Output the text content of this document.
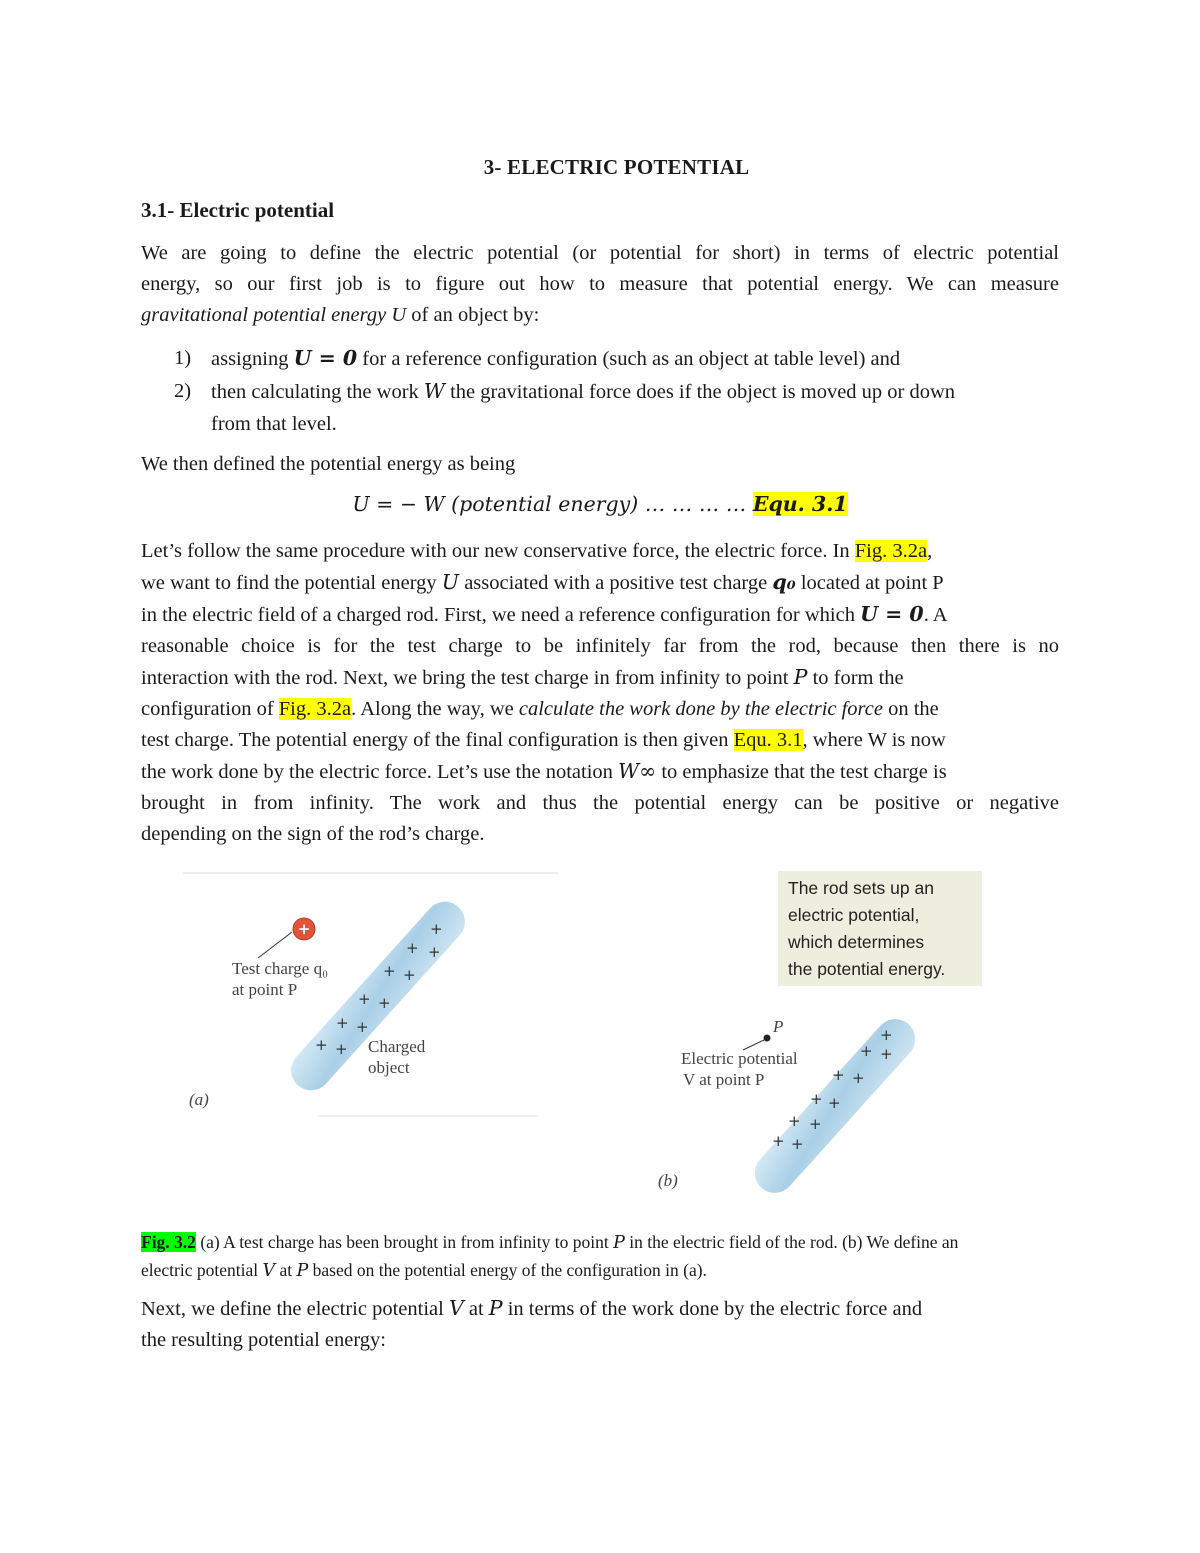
3- ELECTRIC POTENTIAL
3.1- Electric potential
We are going to define the electric potential (or potential for short) in terms of electric potential
energy, so our first job is to figure out how to measure that potential energy. We can measure
gravitational potential energy U of an object by:
1) assigning U = 0 for a reference configuration (such as an object at table level) and
2) then calculating the work W the gravitational force does if the object is moved up or down
from that level.
We then defined the potential energy as being
U = − W (potential energy) … … … … Equ. 3.1
Let’s follow the same procedure with our new conservative force, the electric force. In Fig. 3.2a,
we want to find the potential energy U associated with a positive test charge q₀ located at point P
in the electric field of a charged rod. First, we need a reference configuration for which U = 0. A
reasonable choice is for the test charge to be infinitely far from the rod, because then there is no
interaction with the rod. Next, we bring the test charge in from infinity to point P to form the
configuration of Fig. 3.2a. Along the way, we calculate the work done by the electric force on the
test charge. The potential energy of the final configuration is then given Equ. 3.1, where W is now
the work done by the electric force. Let’s use the notation W∞ to emphasize that the test charge is
brought in from infinity. The work and thus the potential energy can be positive or negative
depending on the sign of the rod’s charge.
+ +
+ +
+ +
+ +
+ +
+
+
Test charge q₀
at point P
Charged
object
(a)
+ +
+ +
+ +
+ +
+ +
+
P
Electric potential
V at point P
(b)
The rod sets up an
electric potential,
which determines
the potential energy.
Fig. 3.2 (a) A test charge has been brought in from infinity to point P in the electric field of the rod. (b) We define an
electric potential V at P based on the potential energy of the configuration in (a).
Next, we define the electric potential V at P in terms of the work done by the electric force and
the resulting potential energy:
